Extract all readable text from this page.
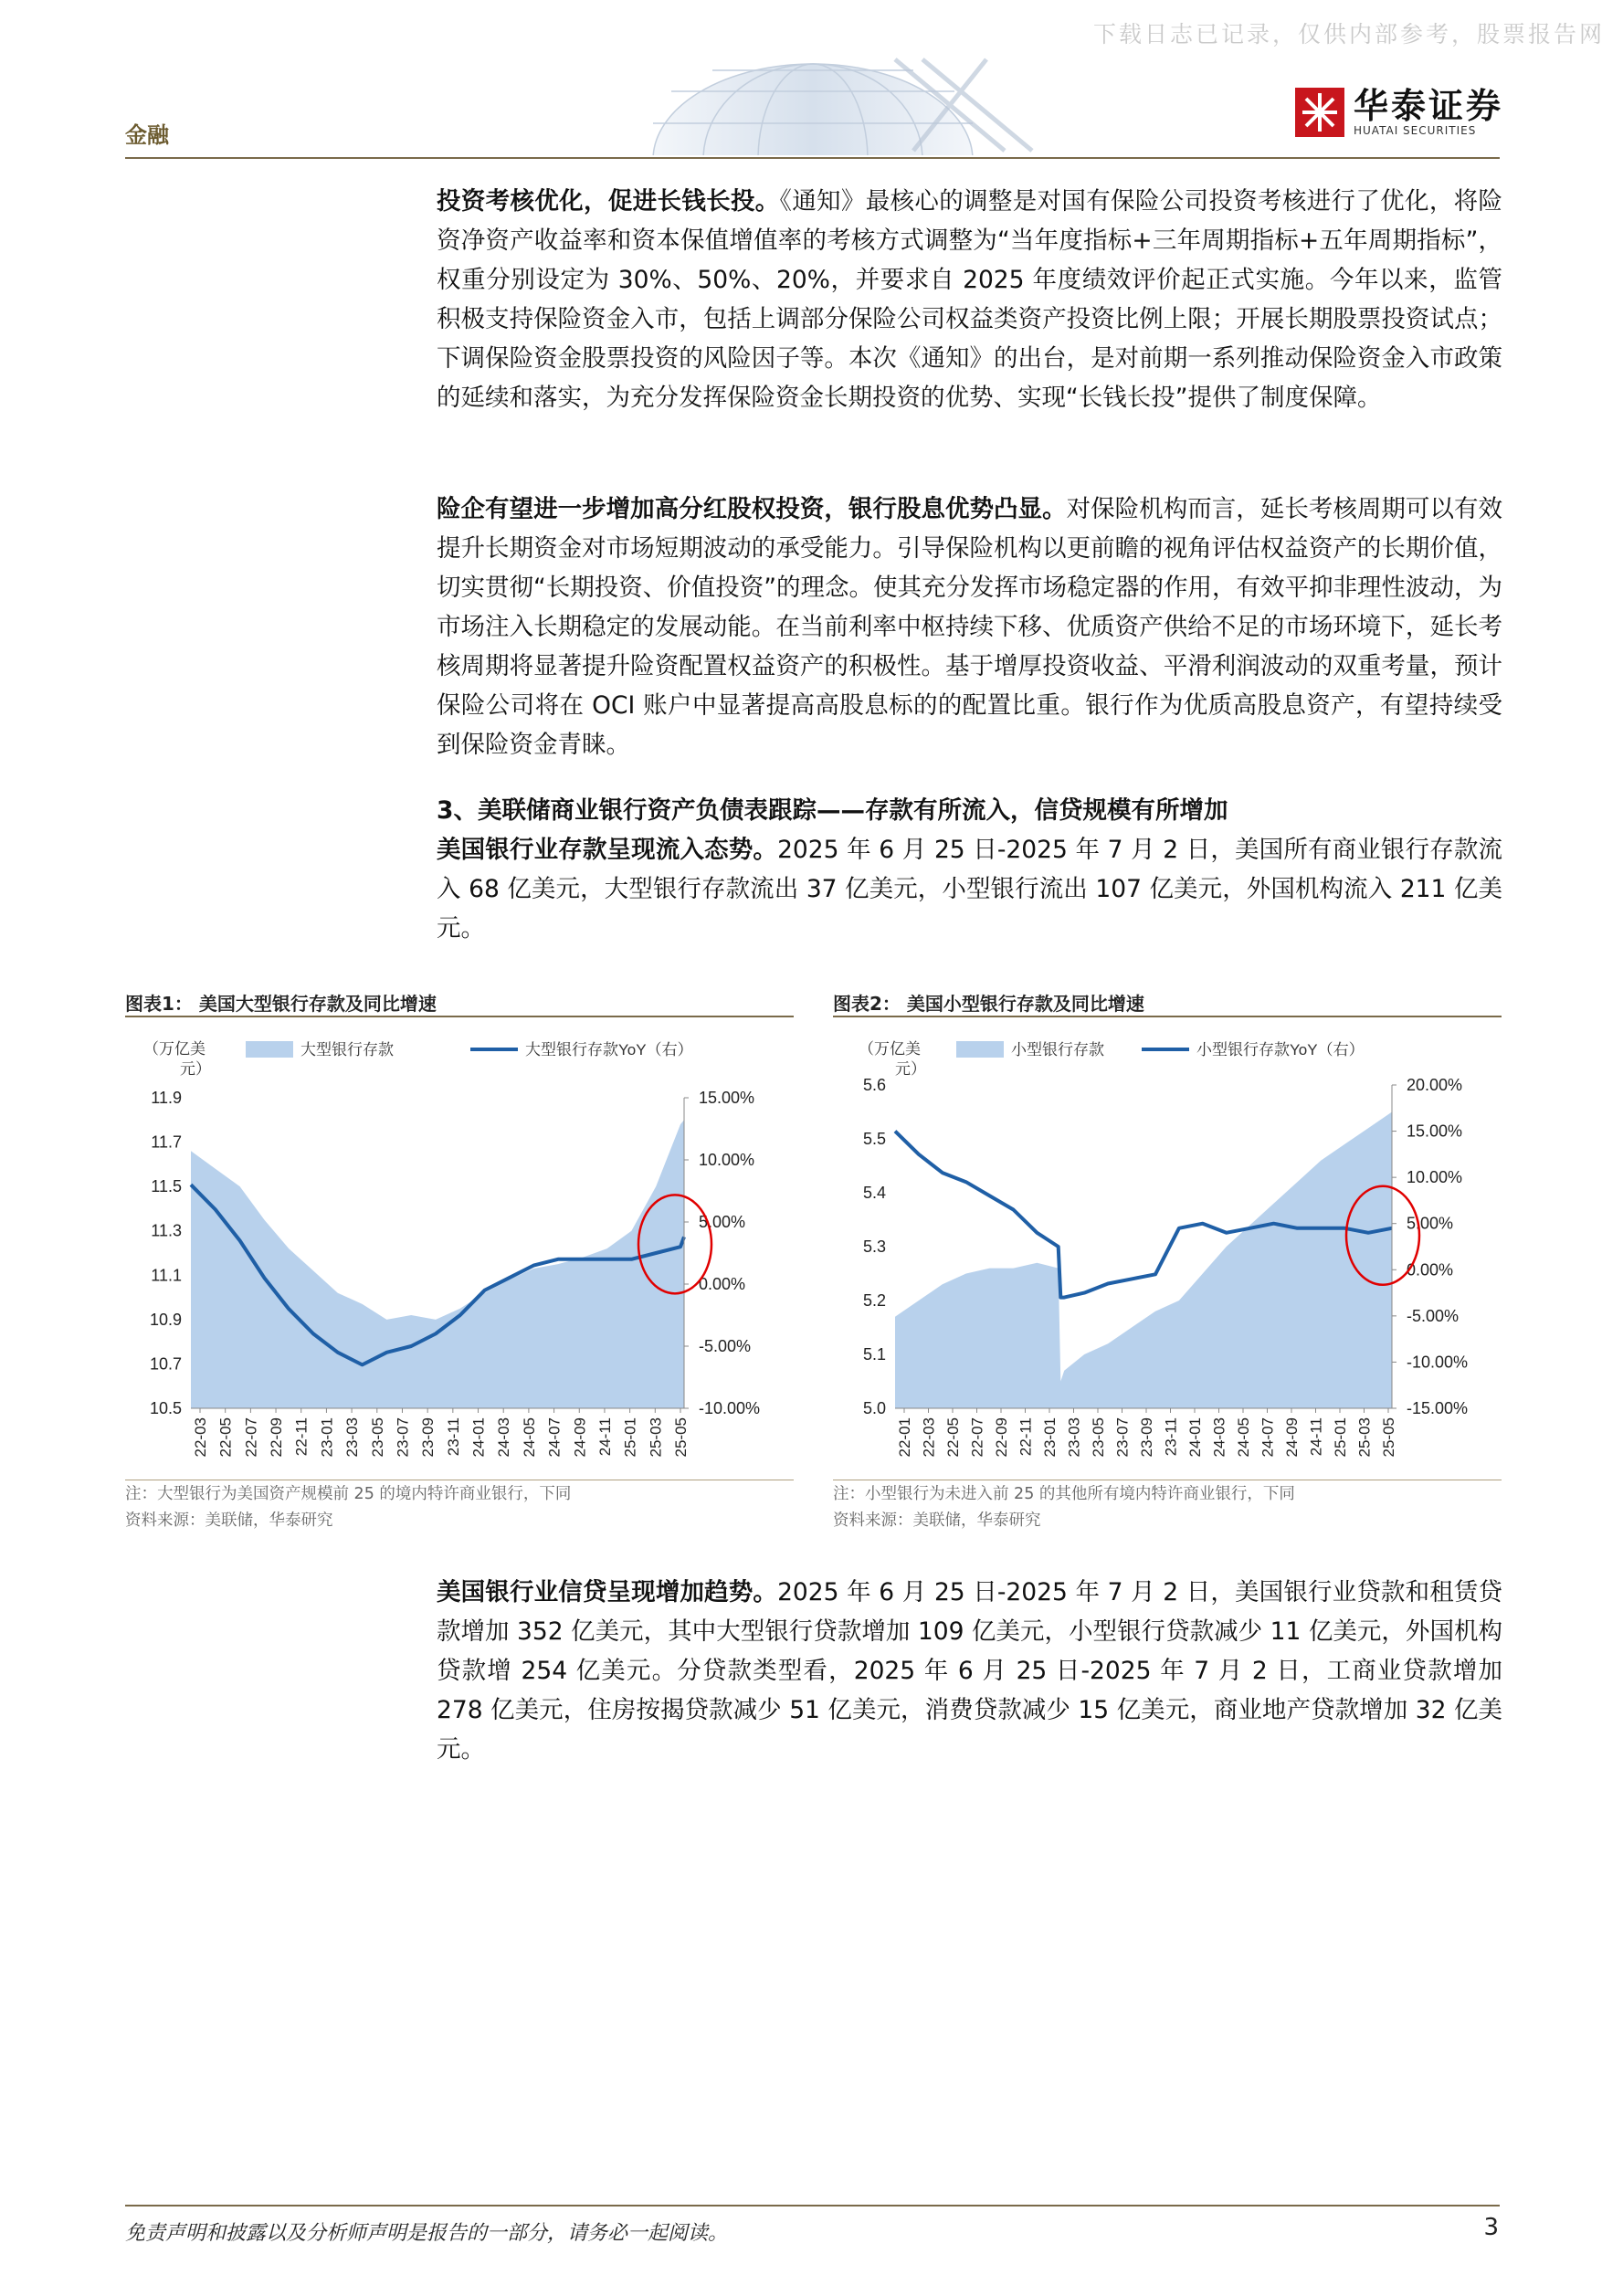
下载日志已记录，仅供内部参考，股票报告网
金融
华泰证券
HUATAI SECURITIES
投资考核优化，促进长钱长投。《通知》最核心的调整是对国有保险公司投资考核进行了优化，将险资净资产收益率和资本保值增值率的考核方式调整为“当年度指标+三年周期指标+五年周期指标”，权重分别设定为 30%、50%、20%，并要求自 2025 年度绩效评价起正式实施。今年以来，监管积极支持保险资金入市，包括上调部分保险公司权益类资产投资比例上限；开展长期股票投资试点；下调保险资金股票投资的风险因子等。本次《通知》的出台，是对前期一系列推动保险资金入市政策的延续和落实，为充分发挥保险资金长期投资的优势、实现“长钱长投”提供了制度保障。
险企有望进一步增加高分红股权投资，银行股息优势凸显。对保险机构而言，延长考核周期可以有效提升长期资金对市场短期波动的承受能力。引导保险机构以更前瞻的视角评估权益资产的长期价值，切实贯彻“长期投资、价值投资”的理念。使其充分发挥市场稳定器的作用，有效平抑非理性波动，为市场注入长期稳定的发展动能。在当前利率中枢持续下移、优质资产供给不足的市场环境下，延长考核周期将显著提升险资配置权益资产的积极性。基于增厚投资收益、平滑利润波动的双重考量，预计保险公司将在 OCI 账户中显著提高高股息标的的配置比重。银行作为优质高股息资产，有望持续受到保险资金青睐。
3、美联储商业银行资产负债表跟踪——存款有所流入，信贷规模有所增加
美国银行业存款呈现流入态势。2025 年 6 月 25 日-2025 年 7 月 2 日，美国所有商业银行存款流入 68 亿美元，大型银行存款流出 37 亿美元，小型银行流出 107 亿美元，外国机构流入 211 亿美元。
图表1： 美国大型银行存款及同比增速
（万亿美
元）
大型银行存款	大型银行存款YoY（右）
10.5
10.7
10.9
11.1
11.3
11.5
11.7
11.9
-10.00%
-5.00%
0.00%
5.00%
10.00%
15.00%
22-03 22-05 22-07 22-09 22-11 23-01 23-03 23-05 23-07 23-09 23-11 24-01 24-03 24-05 24-07 24-09 24-11 25-01 25-03 25-05
注：大型银行为美国资产规模前 25 的境内特许商业银行，下同
资料来源：美联储，华泰研究
图表2： 美国小型银行存款及同比增速
（万亿美
元）
小型银行存款	小型银行存款YoY（右）
5.0
5.1
5.2
5.3
5.4
5.5
5.6
-15.00%
-10.00%
-5.00%
0.00%
5.00%
10.00%
15.00%
20.00%
22-01 22-03 22-05 22-07 22-09 22-11 23-01 23-03 23-05 23-07 23-09 23-11 24-01 24-03 24-05 24-07 24-09 24-11 25-01 25-03 25-05
注：小型银行为未进入前 25 的其他所有境内特许商业银行，下同
资料来源：美联储，华泰研究
美国银行业信贷呈现增加趋势。2025 年 6 月 25 日-2025 年 7 月 2 日，美国银行业贷款和租赁贷款增加 352 亿美元，其中大型银行贷款增加 109 亿美元，小型银行贷款减少 11 亿美元，外国机构贷款增 254 亿美元。分贷款类型看，2025 年 6 月 25 日-2025 年 7 月 2 日，工商业贷款增加 278 亿美元，住房按揭贷款减少 51 亿美元，消费贷款减少 15 亿美元，商业地产贷款增加 32 亿美元。
免责声明和披露以及分析师声明是报告的一部分，请务必一起阅读。	3
